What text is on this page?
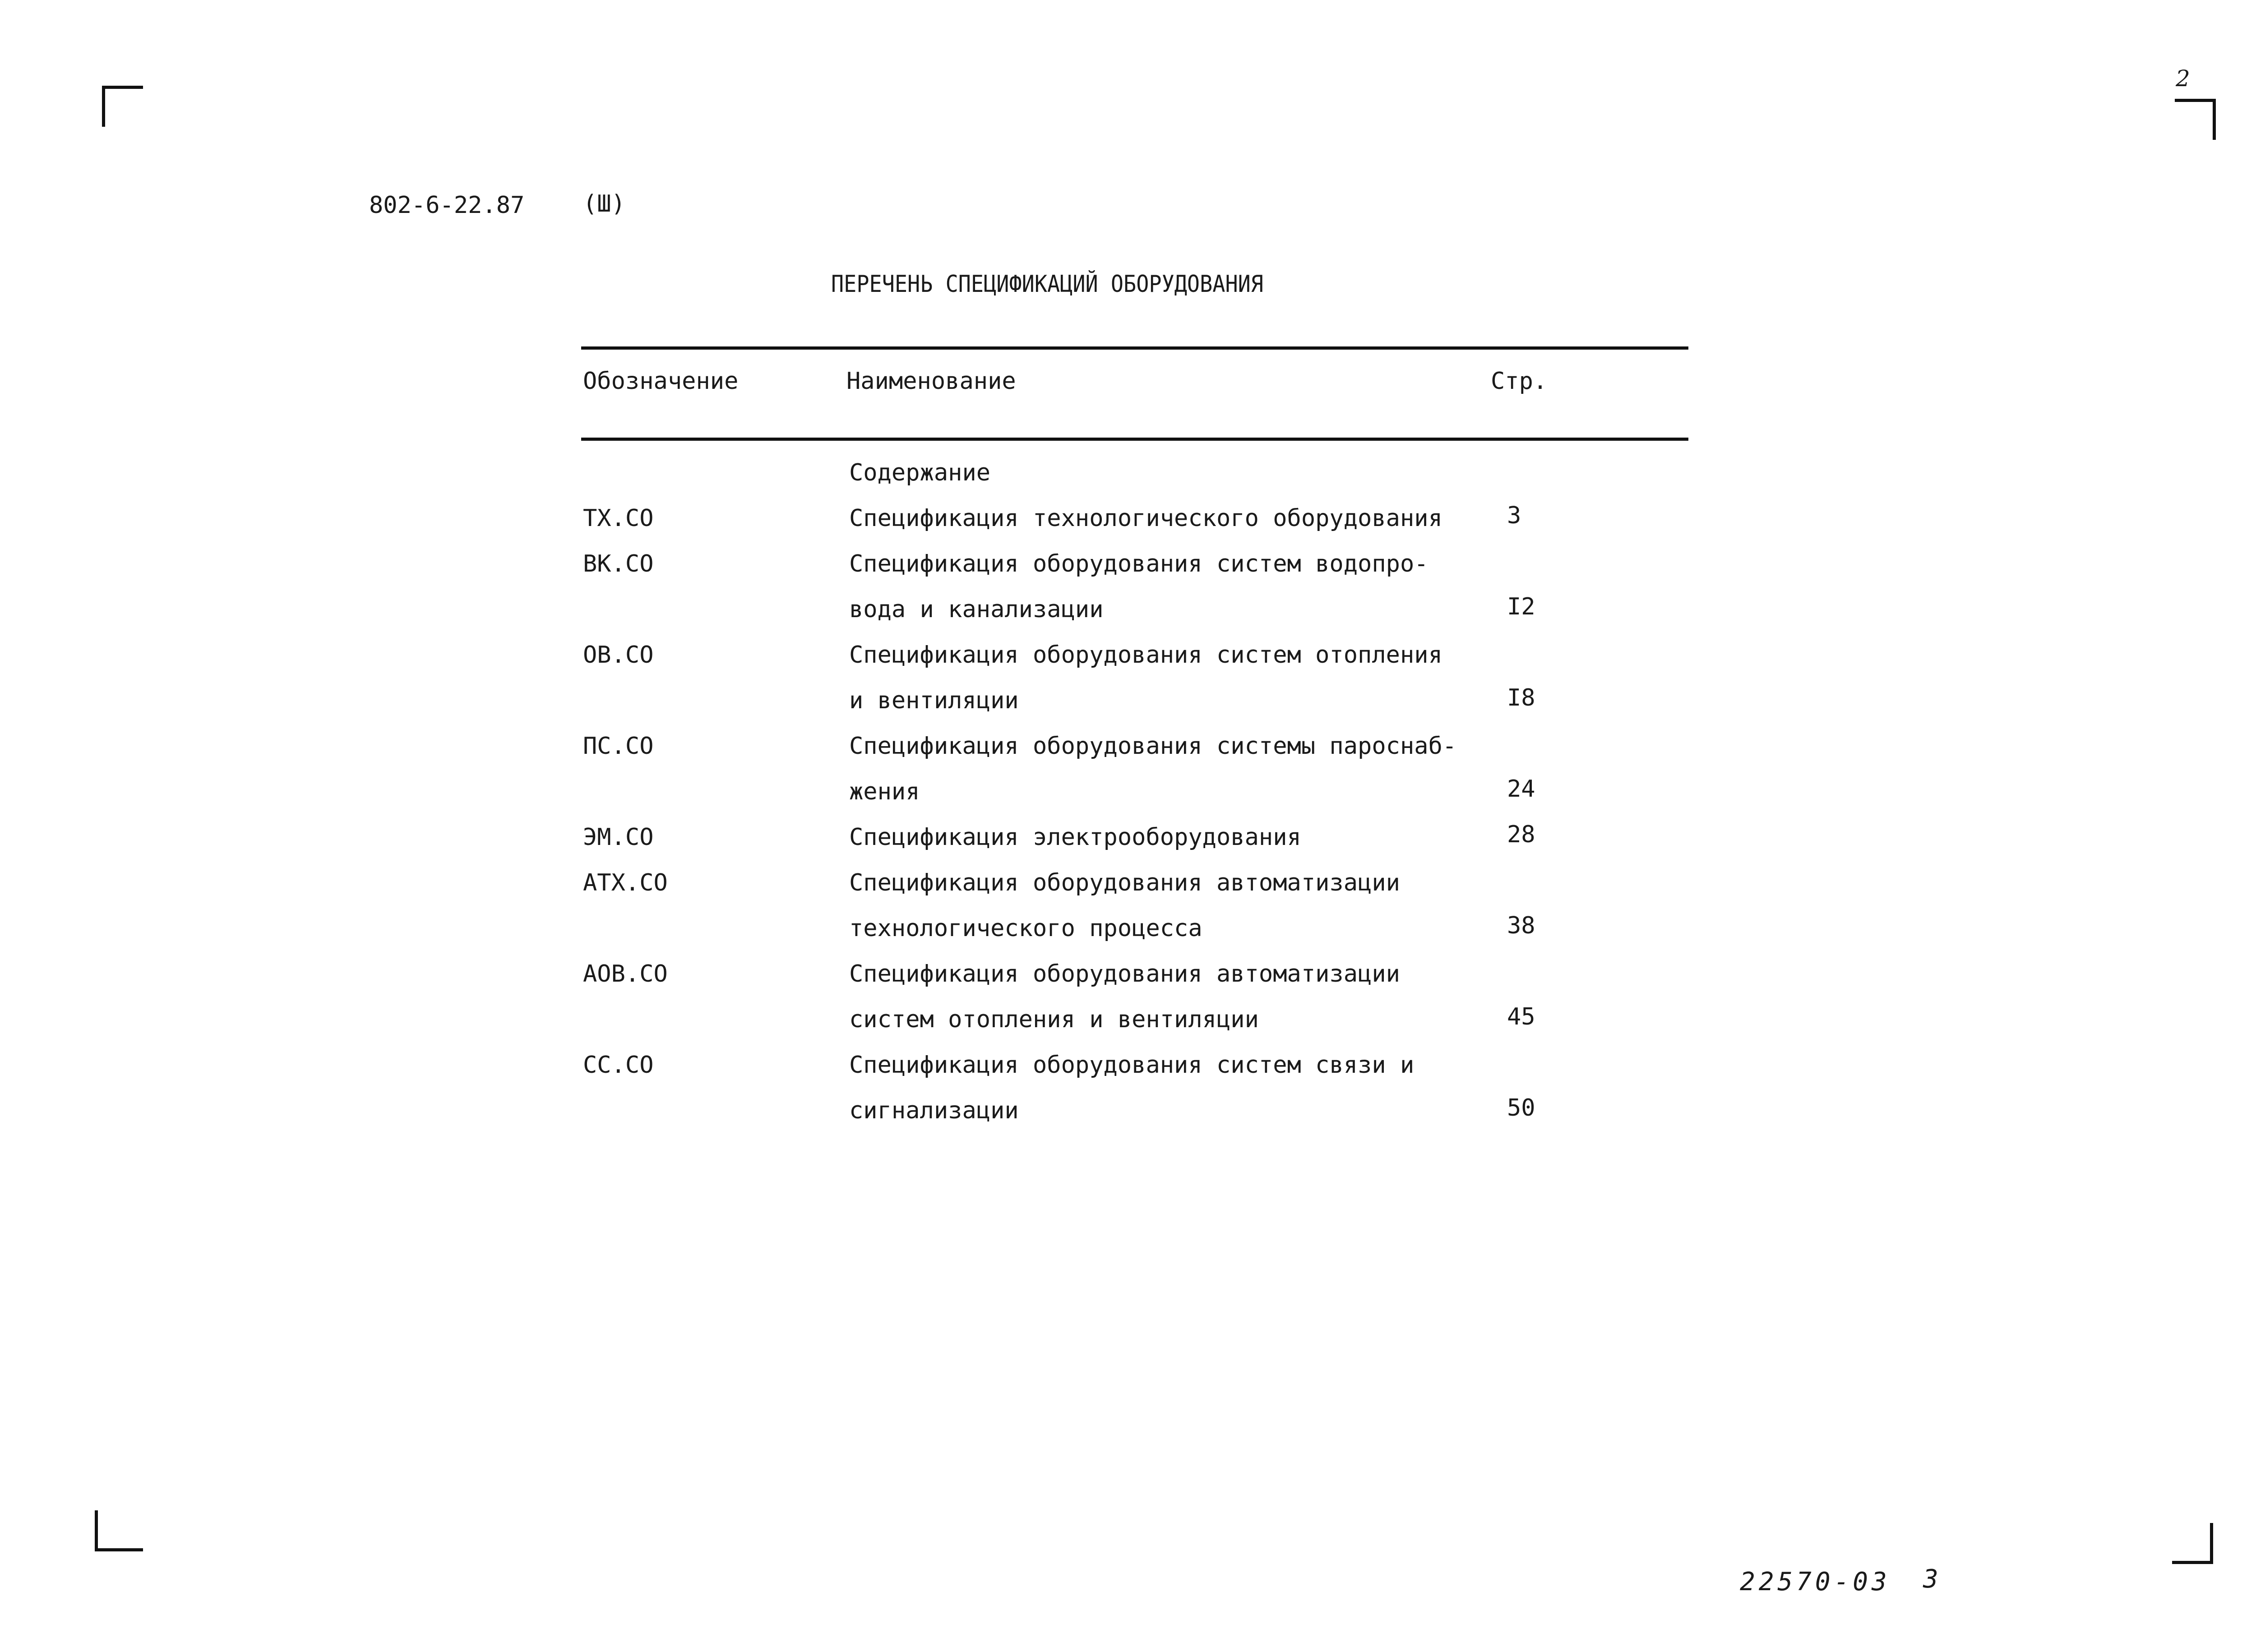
2
802-6-22.87 (Ш)
ПЕРЕЧЕНЬ СПЕЦИФИКАЦИЙ ОБОРУДОВАНИЯ
Обозначение	Наименование	Стр.
Содержание
ТХ.СО	Спецификация технологического оборудования	3
ВК.СО	Спецификация оборудования систем водопро-
вода и канализации	I2
ОВ.СО	Спецификация оборудования систем отопления
и вентиляции	I8
ПС.СО	Спецификация оборудования системы пароснаб-
жения	24
ЭМ.СО	Спецификация электрооборудования	28
АТХ.СО	Спецификация оборудования автоматизации
технологического процесса	38
АОВ.СО	Спецификация оборудования автоматизации
систем отопления и вентиляции	45
СС.СО	Спецификация оборудования систем связи и
сигнализации	50
22570-03 3
